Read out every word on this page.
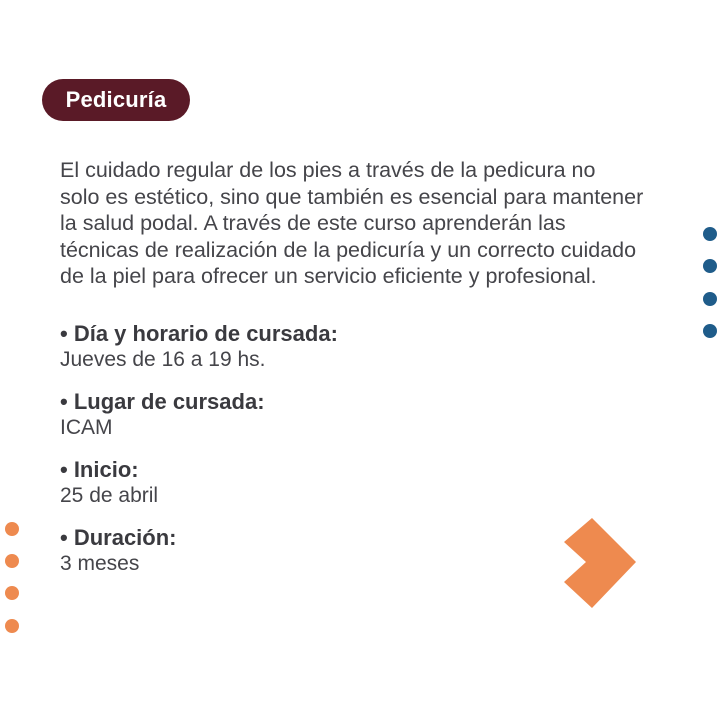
Pedicuría

El cuidado regular de los pies a través de la pedicura no
solo es estético, sino que también es esencial para mantener
la salud podal. A través de este curso aprenderán las
técnicas de realización de la pedicuría y un correcto cuidado
de la piel para ofrecer un servicio eficiente y profesional.

• Día y horario de cursada:
Jueves de 16 a 19 hs.
• Lugar de cursada:
ICAM
• Inicio:
25 de abril
• Duración:
3 meses
